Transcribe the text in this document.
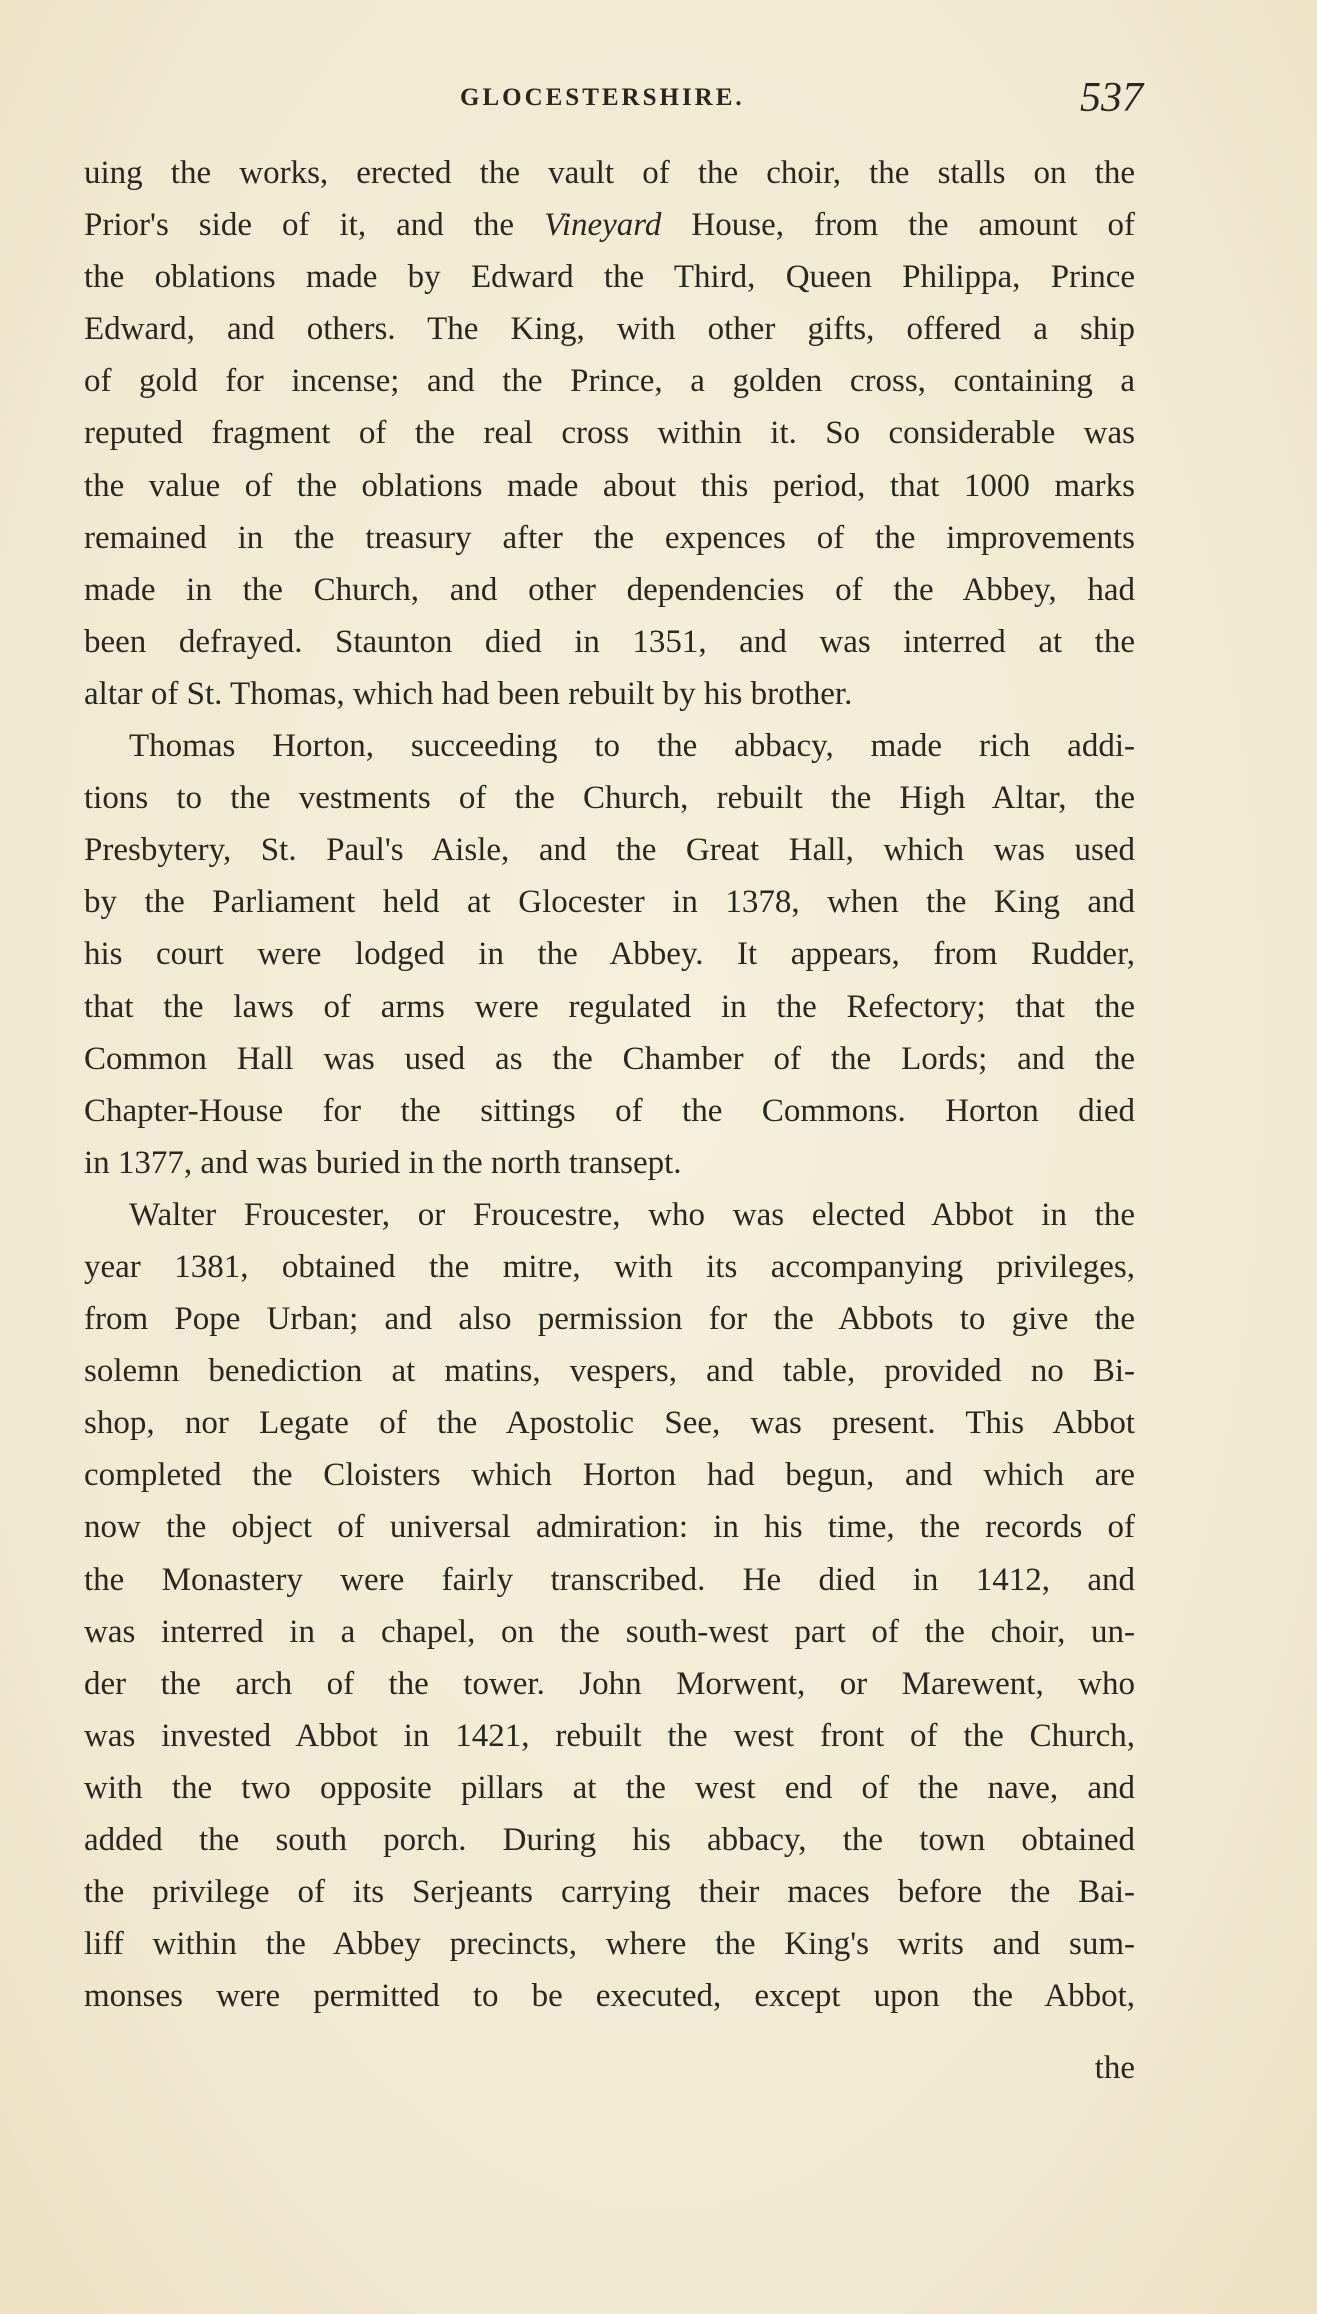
GLOCESTERSHIRE.	537
uing the works, erected the vault of the choir, the stalls on the
Prior's side of it, and the Vineyard House, from the amount of
the oblations made by Edward the Third, Queen Philippa, Prince
Edward, and others. The King, with other gifts, offered a ship
of gold for incense; and the Prince, a golden cross, containing a
reputed fragment of the real cross within it. So considerable was
the value of the oblations made about this period, that 1000 marks
remained in the treasury after the expences of the improvements
made in the Church, and other dependencies of the Abbey, had
been defrayed. Staunton died in 1351, and was interred at the
altar of St. Thomas, which had been rebuilt by his brother.
Thomas Horton, succeeding to the abbacy, made rich addi-
tions to the vestments of the Church, rebuilt the High Altar, the
Presbytery, St. Paul's Aisle, and the Great Hall, which was used
by the Parliament held at Glocester in 1378, when the King and
his court were lodged in the Abbey. It appears, from Rudder,
that the laws of arms were regulated in the Refectory; that the
Common Hall was used as the Chamber of the Lords; and the
Chapter-House for the sittings of the Commons. Horton died
in 1377, and was buried in the north transept.
Walter Froucester, or Froucestre, who was elected Abbot in the
year 1381, obtained the mitre, with its accompanying privileges,
from Pope Urban; and also permission for the Abbots to give the
solemn benediction at matins, vespers, and table, provided no Bi-
shop, nor Legate of the Apostolic See, was present. This Abbot
completed the Cloisters which Horton had begun, and which are
now the object of universal admiration: in his time, the records of
the Monastery were fairly transcribed. He died in 1412, and
was interred in a chapel, on the south-west part of the choir, un-
der the arch of the tower. John Morwent, or Marewent, who
was invested Abbot in 1421, rebuilt the west front of the Church,
with the two opposite pillars at the west end of the nave, and
added the south porch. During his abbacy, the town obtained
the privilege of its Serjeants carrying their maces before the Bai-
liff within the Abbey precincts, where the King's writs and sum-
monses were permitted to be executed, except upon the Abbot,
the
